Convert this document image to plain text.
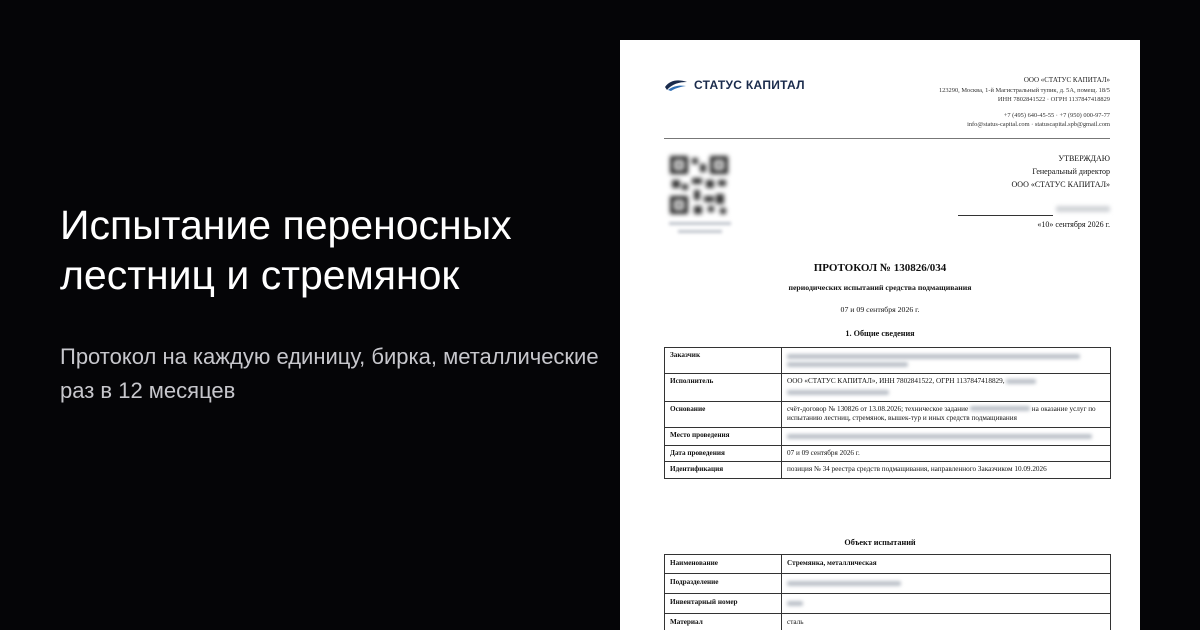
Испытание переносных лестниц и стремянок
Протокол на каждую единицу, бирка, металлические раз в 12 месяцев
СТАТУС КАПИТАЛ	ООО «СТАТУС КАПИТАЛ»
123290, Москва, 1-й Магистральный тупик, д. 5А, помещ. 18/5
ИНН 7802841522 · ОГРН 1137847418829
+7 (495) 640-45-55 · +7 (950) 000-97-77
info@status-capital.com · statuscapital.spb@gmail.com
УТВЕРЖДАЮ
Генеральный директор
ООО «СТАТУС КАПИТАЛ»
«10» сентября 2026 г.
ПРОТОКОЛ № 130826/034
периодических испытаний средства подмащивания
07 и 09 сентября 2026 г.
1. Общие сведения
Заказчик	

Исполнитель	ООО «СТАТУС КАПИТАЛ», ИНН 7802841522, ОГРН 1137847418829,

Основание	счёт-договор № 130826 от 13.08.2026; техническое задание на оказание услуг по испытанию лестниц, стремянок, вышек-тур и иных средств подмащивания
Место проведения	

Дата проведения	07 и 09 сентября 2026 г.
Идентификация	позиция № 34 реестра средств подмащивания, направленного Заказчиком 10.09.2026
Объект испытаний
Наименование	Стремянка, металлическая
Подразделение	

Инвентарный номер	

Материал	сталь
